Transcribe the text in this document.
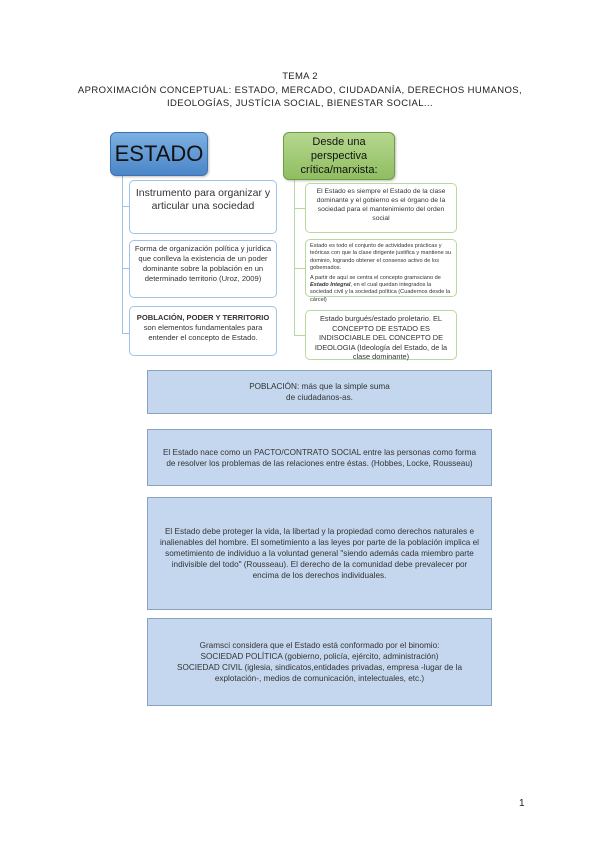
TEMA 2
APROXIMACIÓN CONCEPTUAL: ESTADO, MERCADO, CIUDADANÍA, DERECHOS HUMANOS,
IDEOLOGÍAS, JUSTÍCIA SOCIAL, BIENESTAR SOCIAL...
ESTADO	Desde una
perspectiva
crítica/marxista:
Instrumento para organizar y articular una sociedad
Forma de organización política y jurídica que conlleva la existencia de un poder dominante sobre la población en un determinado territorio (Uroz, 2009)
POBLACIÓN, PODER Y TERRITORIO son elementos fundamentales para entender el concepto de Estado.
El Estado es siempre el Estado de la clase dominante y el gobierno es el órgano de la sociedad para el mantenimiento del orden social
Estado es todo el conjunto de actividades prácticas y teóricas con que la clase dirigente justifica y mantiene su dominio, logrando obtener el consenso activo de los gobernados.
A partir de aquí se centra el concepto gramsciano de Estado Integral, en el cual quedan integrados la sociedad civil y la sociedad política (Cuadernos desde la cárcel)
Estado burgués/estado proletario. EL CONCEPTO DE ESTADO ES INDISOCIABLE DEL CONCEPTO DE IDEOLOGIA (Ideología del Estado, de la clase dominante)
POBLACIÓN: más que la simple suma
de ciudadanos-as.
El Estado nace como un PACTO/CONTRATO SOCIAL entre las personas como forma de resolver los problemas de las relaciones entre éstas. (Hobbes, Locke, Rousseau)
El Estado debe proteger la vida, la libertad y la propiedad como derechos naturales e inalienables del hombre. El sometimiento a las leyes por parte de la población implica el sometimiento de individuo a la voluntad general "siendo además cada miembro parte indivisible del todo" (Rousseau). El derecho de la comunidad debe prevalecer por encima de los derechos individuales.
Gramsci considera que el Estado está conformado por el binomio:
SOCIEDAD POLÍTICA (gobierno, policía, ejército, administración)
SOCIEDAD CIVIL (iglesia, sindicatos,entidades privadas, empresa -lugar de la explotación-, medios de comunicación, intelectuales, etc.)
1
